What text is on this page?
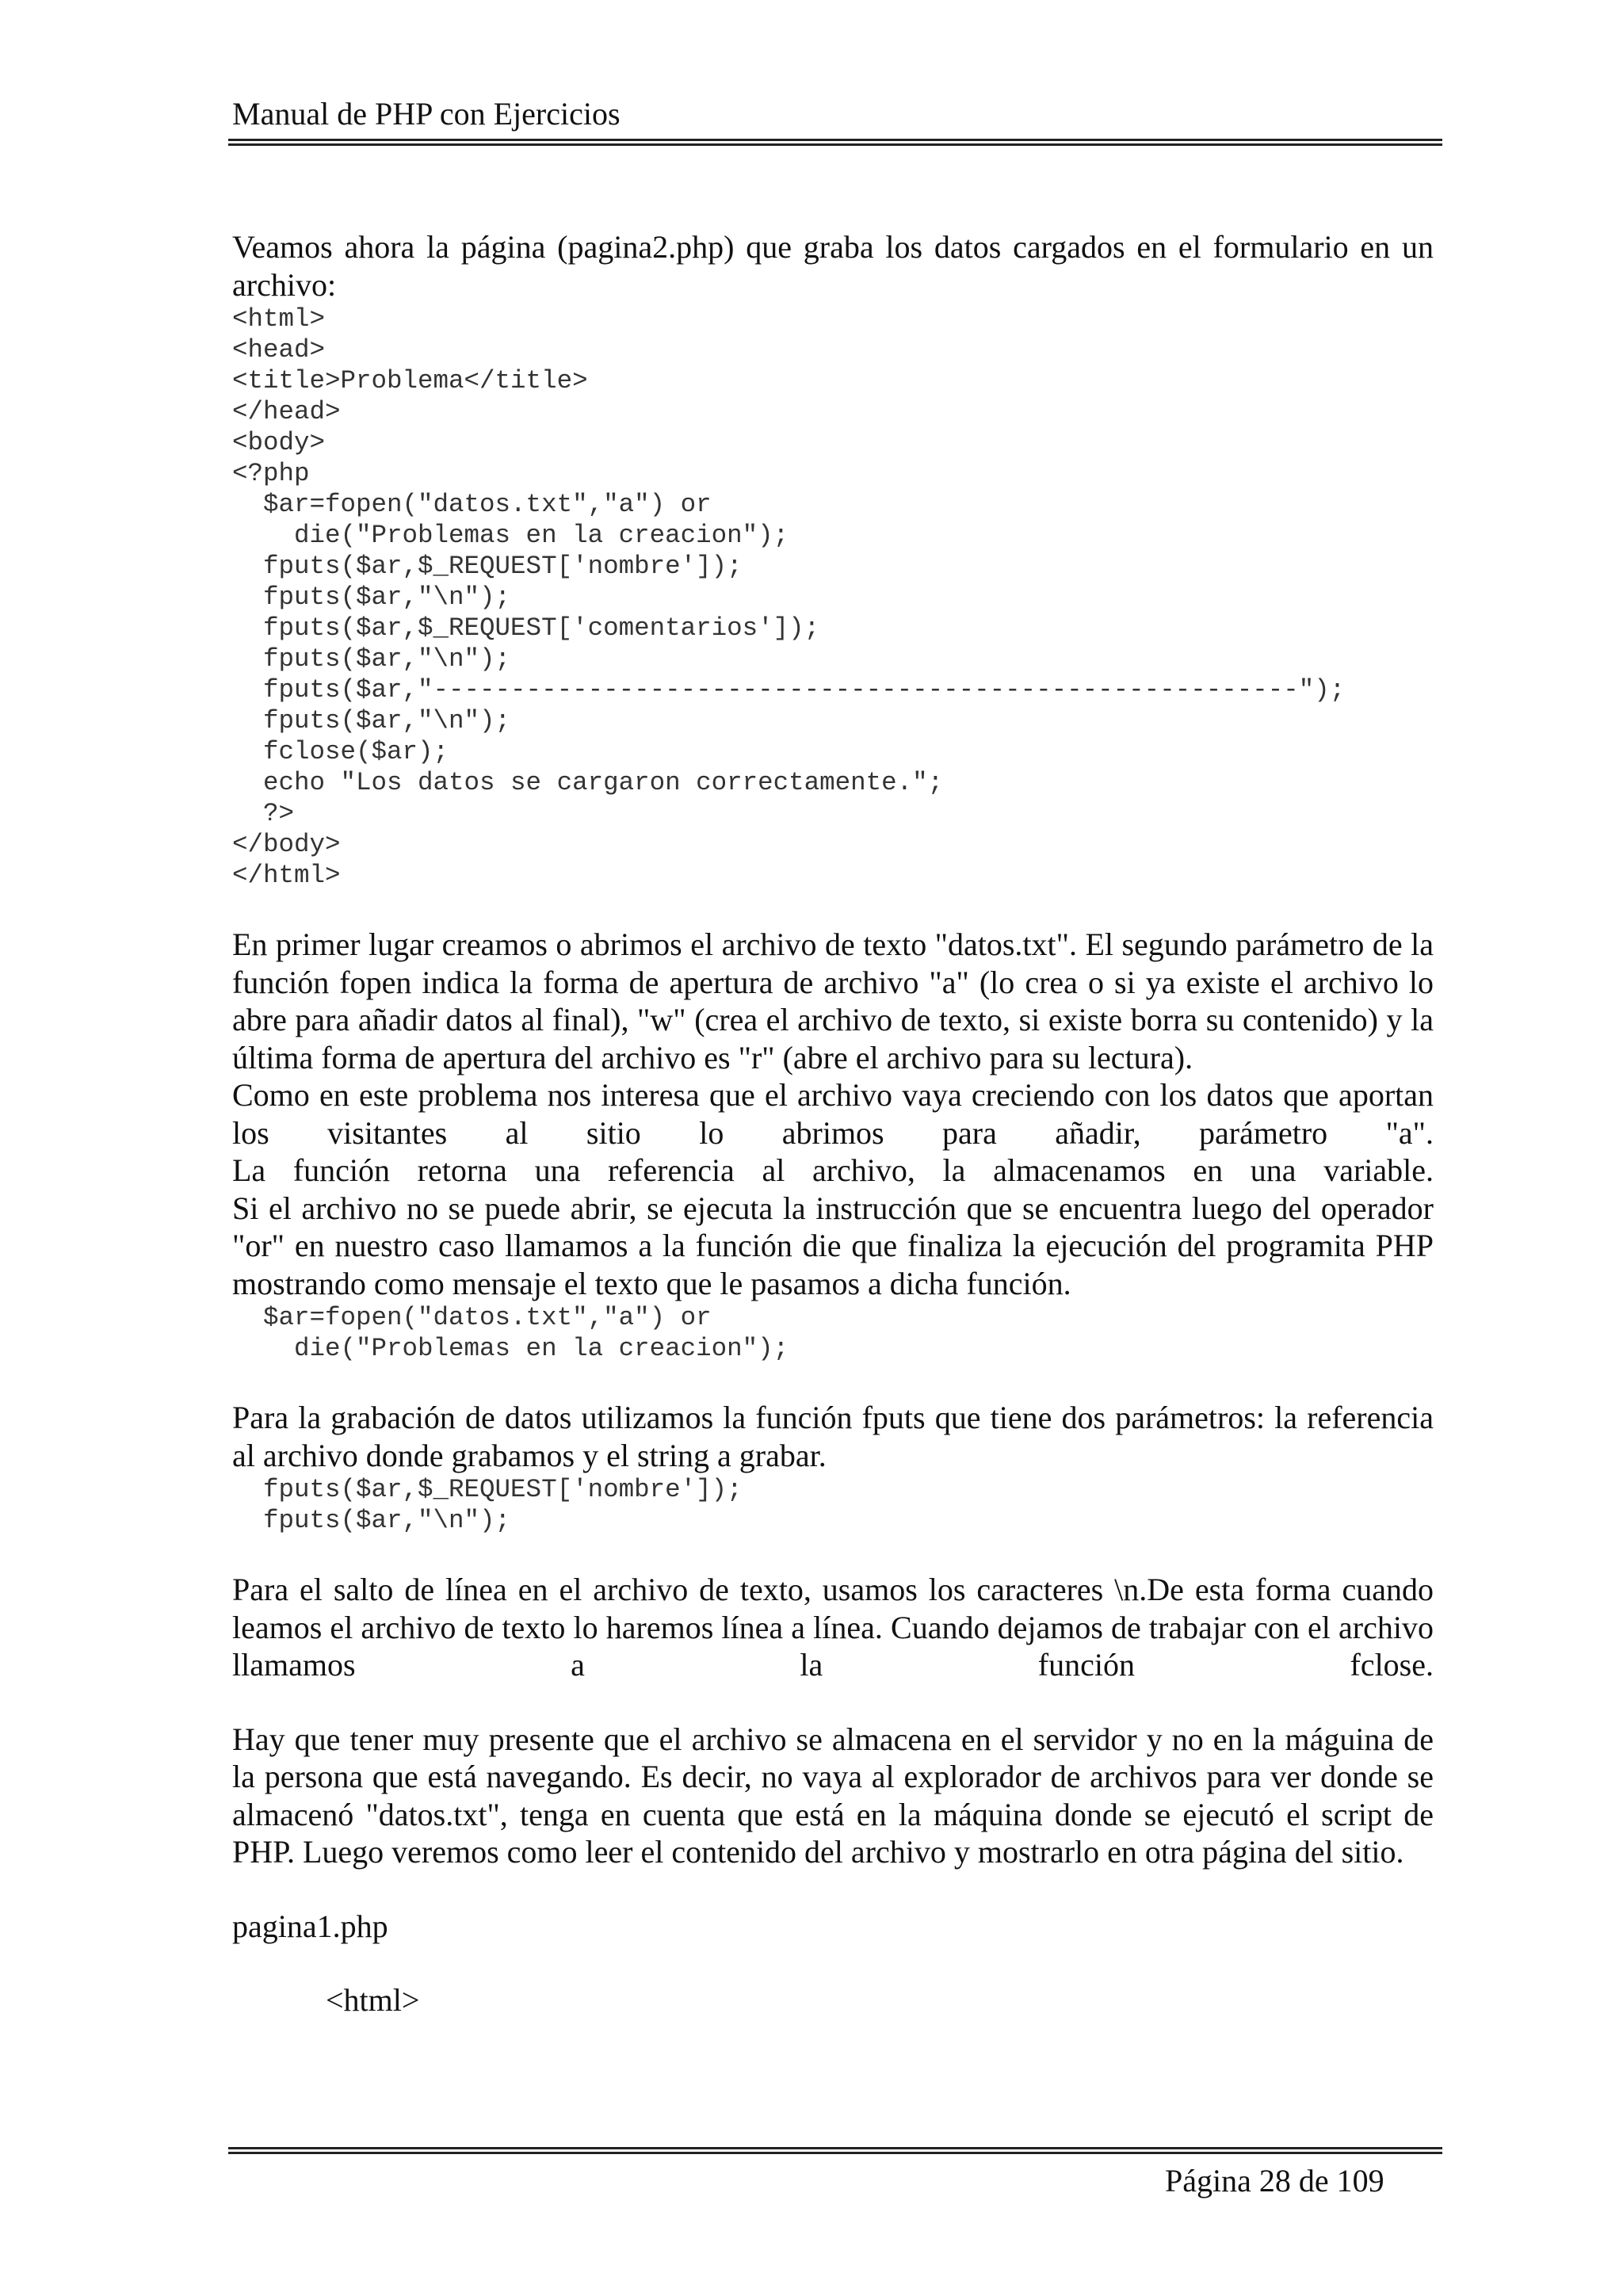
Manual de PHP con Ejercicios

Veamos ahora la página (pagina2.php) que graba los datos cargados en el formulario en un archivo:

<html>
<head>
<title>Problema</title>
</head>
<body>
<?php
$ar=fopen("datos.txt","a") or
die("Problemas en la creacion");
fputs($ar,$_REQUEST['nombre']);
fputs($ar,"\n");
fputs($ar,$_REQUEST['comentarios']);
fputs($ar,"\n");
fputs($ar,"--------------------------------------------------------");
fputs($ar,"\n");
fclose($ar);
echo "Los datos se cargaron correctamente.";
?>
</body>
</html>

En primer lugar creamos o abrimos el archivo de texto "datos.txt". El segundo parámetro de la función fopen indica la forma de apertura de archivo "a" (lo crea o si ya existe el archivo lo abre para añadir datos al final), "w" (crea el archivo de texto, si existe borra su contenido) y la última forma de apertura del archivo es "r" (abre el archivo para su lectura).

Como en este problema nos interesa que el archivo vaya creciendo con los datos que aportan los visitantes al sitio lo abrimos para añadir, parámetro "a".

La función retorna una referencia al archivo, la almacenamos en una variable.

Si el archivo no se puede abrir, se ejecuta la instrucción que se encuentra luego del operador "or" en nuestro caso llamamos a la función die que finaliza la ejecución del programita PHP mostrando como mensaje el texto que le pasamos a dicha función.

$ar=fopen("datos.txt","a") or
die("Problemas en la creacion");

Para la grabación de datos utilizamos la función fputs que tiene dos parámetros: la referencia al archivo donde grabamos y el string a grabar.

fputs($ar,$_REQUEST['nombre']);
fputs($ar,"\n");

Para el salto de línea en el archivo de texto, usamos los caracteres \n.De esta forma cuando leamos el archivo de texto lo haremos línea a línea. Cuando dejamos de trabajar con el archivo llamamos a la función fclose.

Hay que tener muy presente que el archivo se almacena en el servidor y no en la máguina de la persona que está navegando. Es decir, no vaya al explorador de archivos para ver donde se almacenó "datos.txt", tenga en cuenta que está en la máquina donde se ejecutó el script de PHP. Luego veremos como leer el contenido del archivo y mostrarlo en otra página del sitio.

pagina1.php

<html>

Página 28 de 109
